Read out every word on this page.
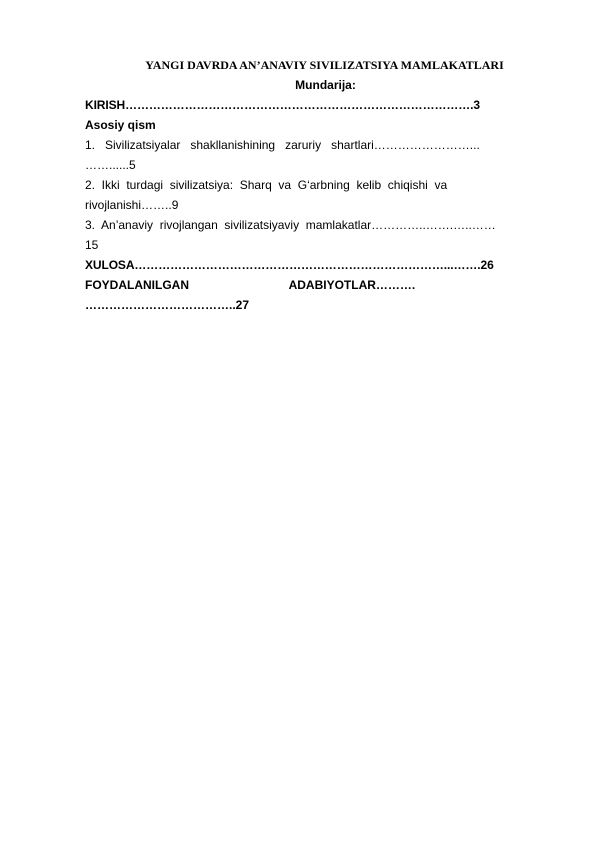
YANGI DAVRDA AN’ANAVIY SIVILIZATSIYA MAMLAKATLARI

Mundarija:

KIRISH…………………………………………………………………………….3

Asosiy qism

1.   Sivilizatsiyalar   shakllanishining   zaruriy   shartlari……………………...

……......5

2.  Ikki  turdagi  sivilizatsiya:  Sharq  va  G‘arbning  kelib  chiqishi  va

rivojlanishi……..9

3.  An’anaviy  rivojlangan  sivilizatsiyaviy  mamlakatlar…………..…….…..……

15

XULOSA……………………………………………………………………...…….26

FOYDALANILGAN                              ADABIYOTLAR……….

………………………………..27
